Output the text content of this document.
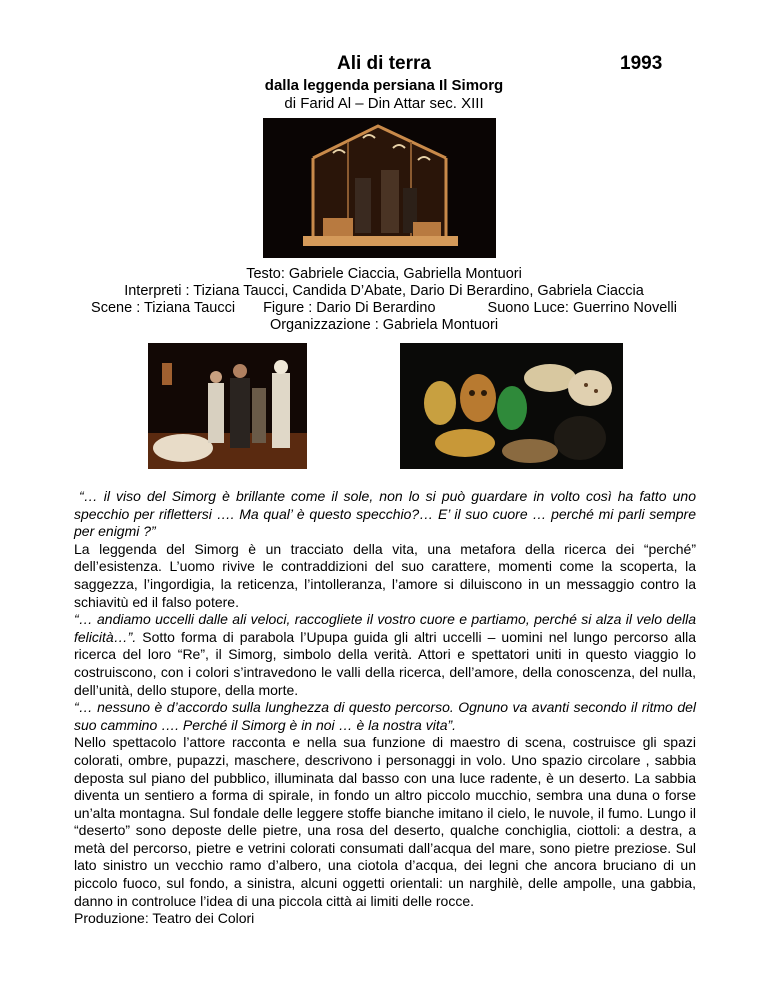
Ali di terra	1993
dalla leggenda persiana Il Simorg
di Farid Al – Din Attar sec. XIII
Testo: Gabriele Ciaccia, Gabriella Montuori
Interpreti : Tiziana Taucci, Candida D’Abate, Dario Di Berardino, Gabriela Ciaccia
Scene : Tiziana Taucci Figure : Dario Di Berardino	Suono Luce: Guerrino Novelli
Organizzazione : Gabriela Montuori

“… il viso del Simorg è brillante come il sole, non lo si può guardare in volto così ha fatto uno specchio per riflettersi …. Ma qual’ è questo specchio?… E’ il suo cuore … perché mi parli sempre per enigmi ?”

La leggenda del Simorg è un tracciato della vita, una metafora della ricerca dei “perché” dell’esistenza. L’uomo rivive le contraddizioni del suo carattere, momenti come la scoperta, la saggezza, l’ingordigia, la reticenza, l’intolleranza, l’amore si diluiscono in un messaggio contro la schiavitù ed il falso potere.

“… andiamo uccelli dalle ali veloci, raccogliete il vostro cuore e partiamo, perché si alza il velo della felicità…”. Sotto forma di parabola l’Upupa guida gli altri uccelli – uomini nel lungo percorso alla ricerca del loro “Re”, il Simorg, simbolo della verità. Attori e spettatori uniti in questo viaggio lo costruiscono, con i colori s’intravedono le valli della ricerca, dell’amore, della conoscenza, del nulla, dell’unità, dello stupore, della morte.

“… nessuno è d’accordo sulla lunghezza di questo percorso. Ognuno va avanti secondo il ritmo del suo cammino …. Perché il Simorg è in noi … è la nostra vita”.

Nello spettacolo l’attore racconta e nella sua funzione di maestro di scena, costruisce gli spazi colorati, ombre, pupazzi, maschere, descrivono i personaggi in volo. Uno spazio circolare , sabbia deposta sul piano del pubblico, illuminata dal basso con una luce radente, è un deserto. La sabbia diventa un sentiero a forma di spirale, in fondo un altro piccolo mucchio, sembra una duna o forse un’alta montagna. Sul fondale delle leggere stoffe bianche imitano il cielo, le nuvole, il fumo. Lungo il “deserto” sono deposte delle pietre, una rosa del deserto, qualche conchiglia, ciottoli: a destra, a metà del percorso, pietre e vetrini colorati consumati dall’acqua del mare, sono pietre preziose. Sul lato sinistro un vecchio ramo d’albero, una ciotola d’acqua, dei legni che ancora bruciano di un piccolo fuoco, sul fondo, a sinistra, alcuni oggetti orientali: un narghilè, delle ampolle, una gabbia, danno in controluce l’idea di una piccola città ai limiti delle rocce.

Produzione: Teatro dei Colori
